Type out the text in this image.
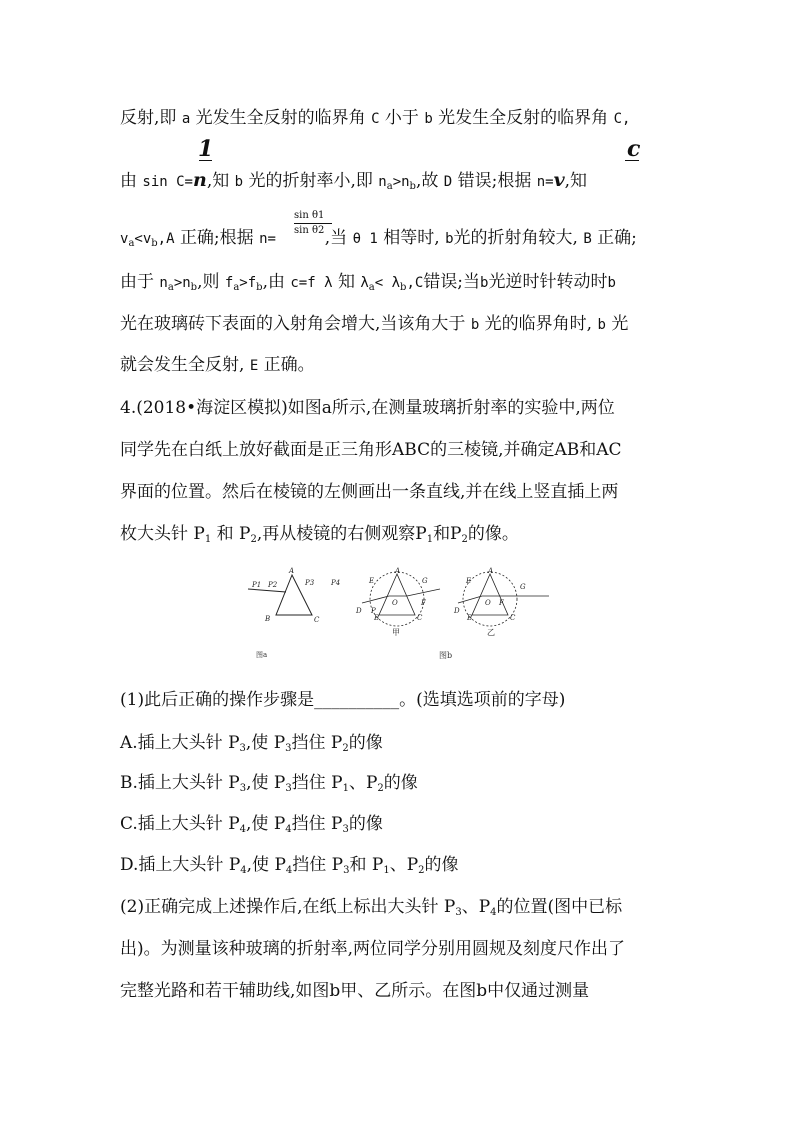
反射,即 a 光发生全反射的临界角 C 小于 b 光发生全反射的临界角 C,
1	c
由 sin C=n,知 b 光的折射率小,即 $n_a>n_b$,故 D 错误;根据 n=v,知
sin θ1
sin θ2
$v_a<v_b,A$ 正确;根据 n=	,当 θ 1 相等时, b光的折射角较大, B 正确;
由于 $n_a>n_b$,则 $f_a>f_b$,由 c=f λ 知 $\lambda_a< \lambda_b,C$错误;当b光逆时针转动时b
光在玻璃砖下表面的入射角会增大,当该角大于 b 光的临界角时, b 光
就会发生全反射, E 正确。
4.(2018•海淀区模拟)如图a所示,在测量玻璃折射率的实验中,两位
同学先在白纸上放好截面是正三角形ABC的三棱镜,并确定AB和AC
界面的位置。然后在棱镜的左侧画出一条直线,并在线上竖直插上两
枚大头针 $P_1$ 和 $P_2$,再从棱镜的右侧观察$P_1$和$P_2$的像。
A
B	C
P1 P2	P3 P4
图a
A
B	C
D
E
F
G
O
P
甲
A
B	C
D
E
F
G
O
乙
图b
(1)此后正确的操作步骤是__________。(选填选项前的字母)
A.插上大头针 $P_3$,使 $P_3$挡住 $P_2$的像
B.插上大头针 $P_3$,使 $P_3$挡住 $P_1$、$P_2$的像
C.插上大头针 $P_4$,使 $P_4$挡住 $P_3$的像
D.插上大头针 $P_4$,使 $P_4$挡住 $P_3$和 $P_1$、$P_2$的像
(2)正确完成上述操作后,在纸上标出大头针 $P_3$、$P_4$的位置(图中已标
出)。为测量该种玻璃的折射率,两位同学分别用圆规及刻度尺作出了
完整光路和若干辅助线,如图b甲、乙所示。在图b中仅通过测量
